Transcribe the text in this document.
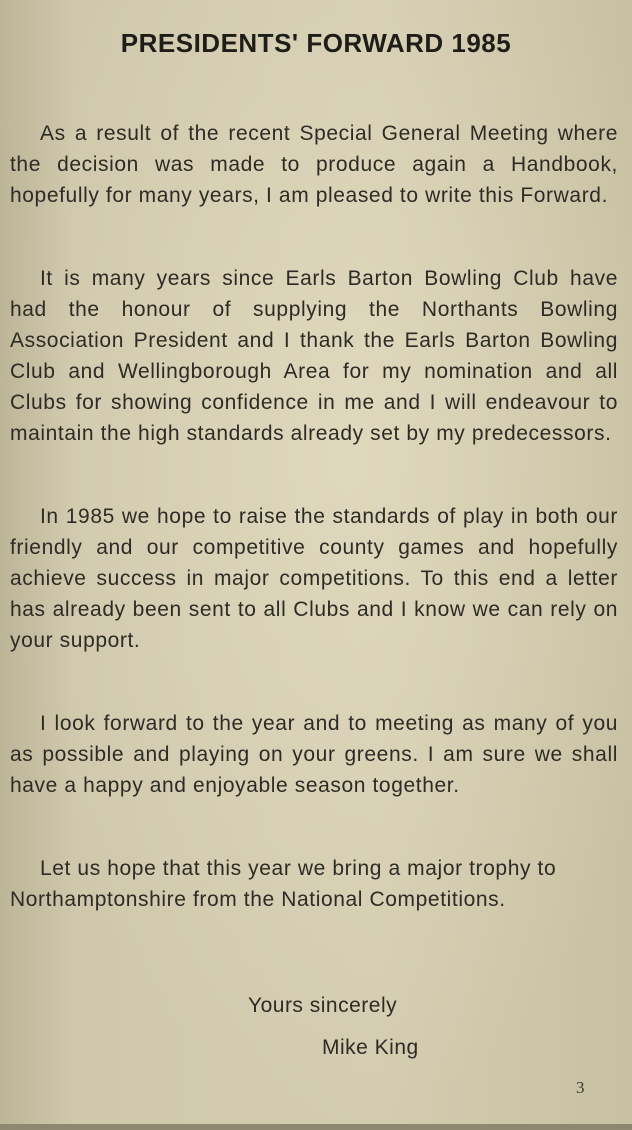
PRESIDENTS' FORWARD 1985

As a result of the recent Special General Meeting where the decision was made to produce again a Handbook, hopefully for many years, I am pleased to write this Forward.

It is many years since Earls Barton Bowling Club have had the honour of supplying the Northants Bowling Association President and I thank the Earls Barton Bowling Club and Wellingborough Area for my nomination and all Clubs for showing confidence in me and I will endeavour to maintain the high standards already set by my predecessors.

In 1985 we hope to raise the standards of play in both our friendly and our competitive county games and hopefully achieve success in major competitions. To this end a letter has already been sent to all Clubs and I know we can rely on your support.

I look forward to the year and to meeting as many of you as possible and playing on your greens. I am sure we shall have a happy and enjoyable season together.

Let us hope that this year we bring a major trophy to Northamptonshire from the National Competitions.

Yours sincerely
Mike King
3
